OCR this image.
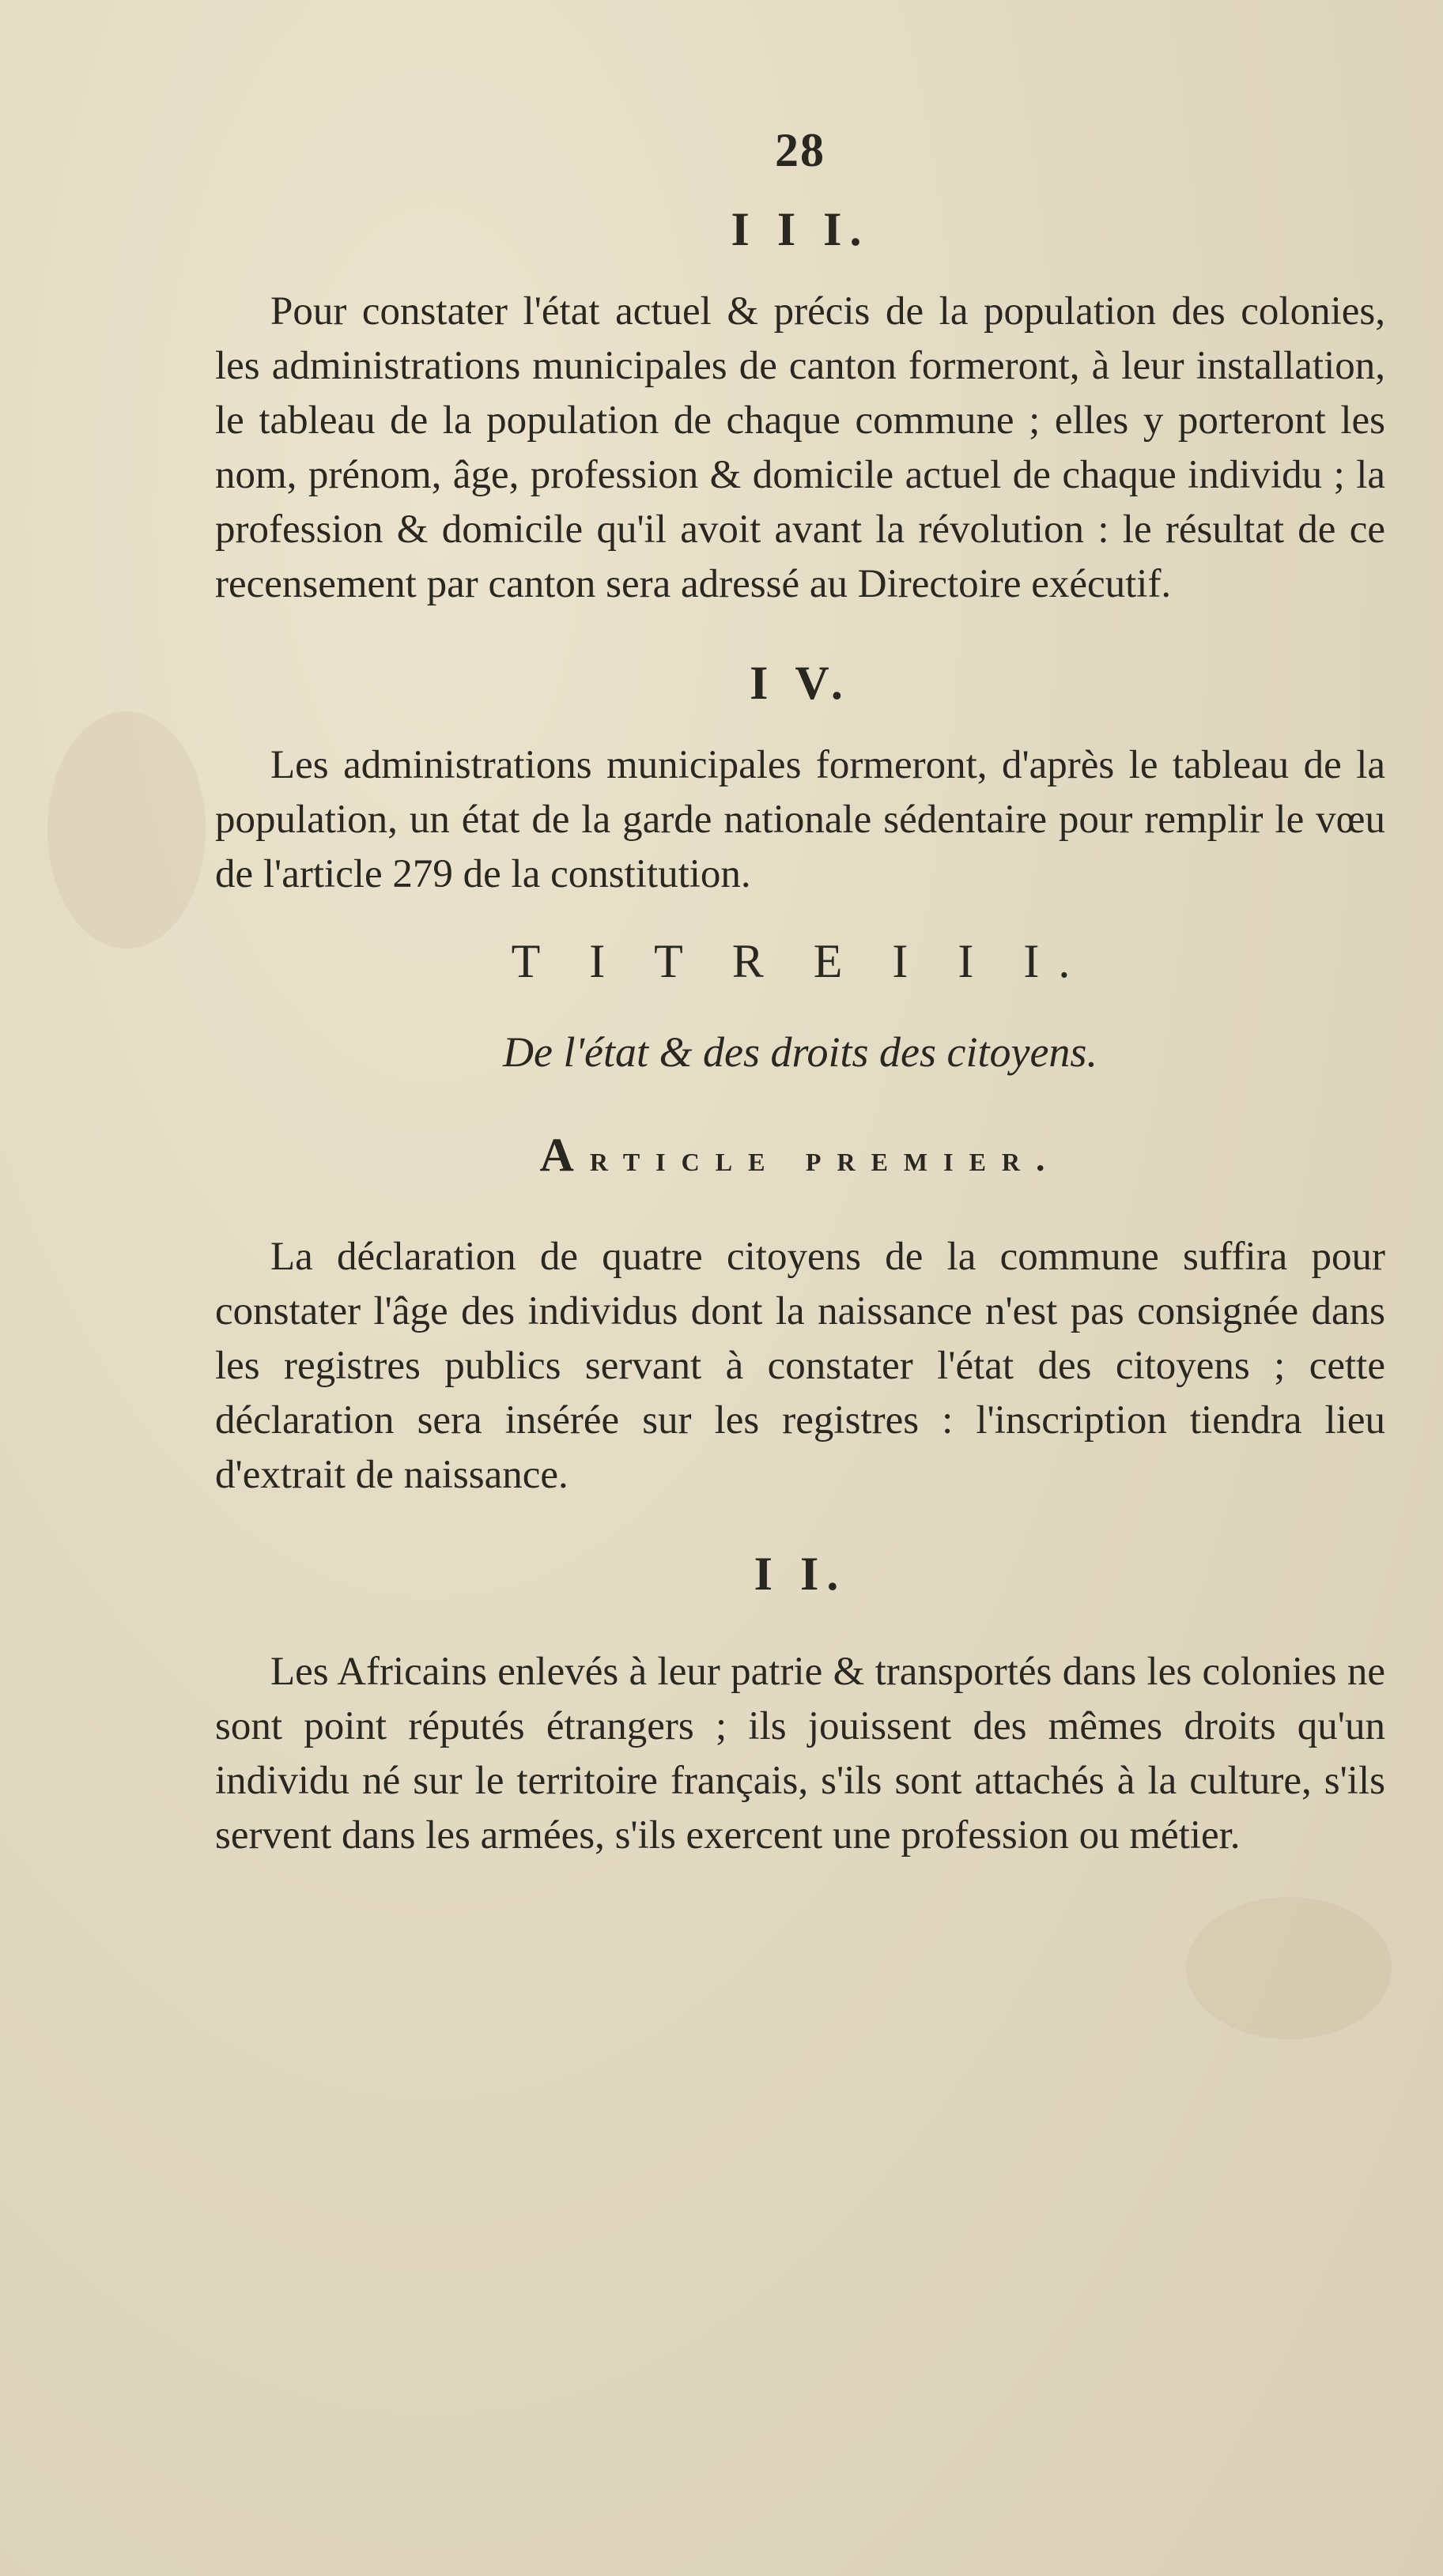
28
I I I.

Pour constater l'état actuel & précis de la population des colonies, les administrations municipales de canton formeront, à leur installation, le tableau de la population de chaque commune ; elles y porteront les nom, prénom, âge, profession & domicile actuel de chaque individu ; la profession & domicile qu'il avoit avant la révolution : le résultat de ce recensement par canton sera adressé au Directoire exécutif.

I V.

Les administrations municipales formeront, d'après le tableau de la population, un état de la garde nationale sédentaire pour remplir le vœu de l'article 279 de la constitution.

T I T R E I I I.
De l'état & des droits des citoyens.
Article premier.

La déclaration de quatre citoyens de la commune suffira pour constater l'âge des individus dont la naissance n'est pas consignée dans les registres publics servant à constater l'état des citoyens ; cette déclaration sera insérée sur les registres : l'inscription tiendra lieu d'extrait de naissance.

I I.

Les Africains enlevés à leur patrie & transportés dans les colonies ne sont point réputés étrangers ; ils jouissent des mêmes droits qu'un individu né sur le territoire français, s'ils sont attachés à la culture, s'ils servent dans les armées, s'ils exercent une profession ou métier.
